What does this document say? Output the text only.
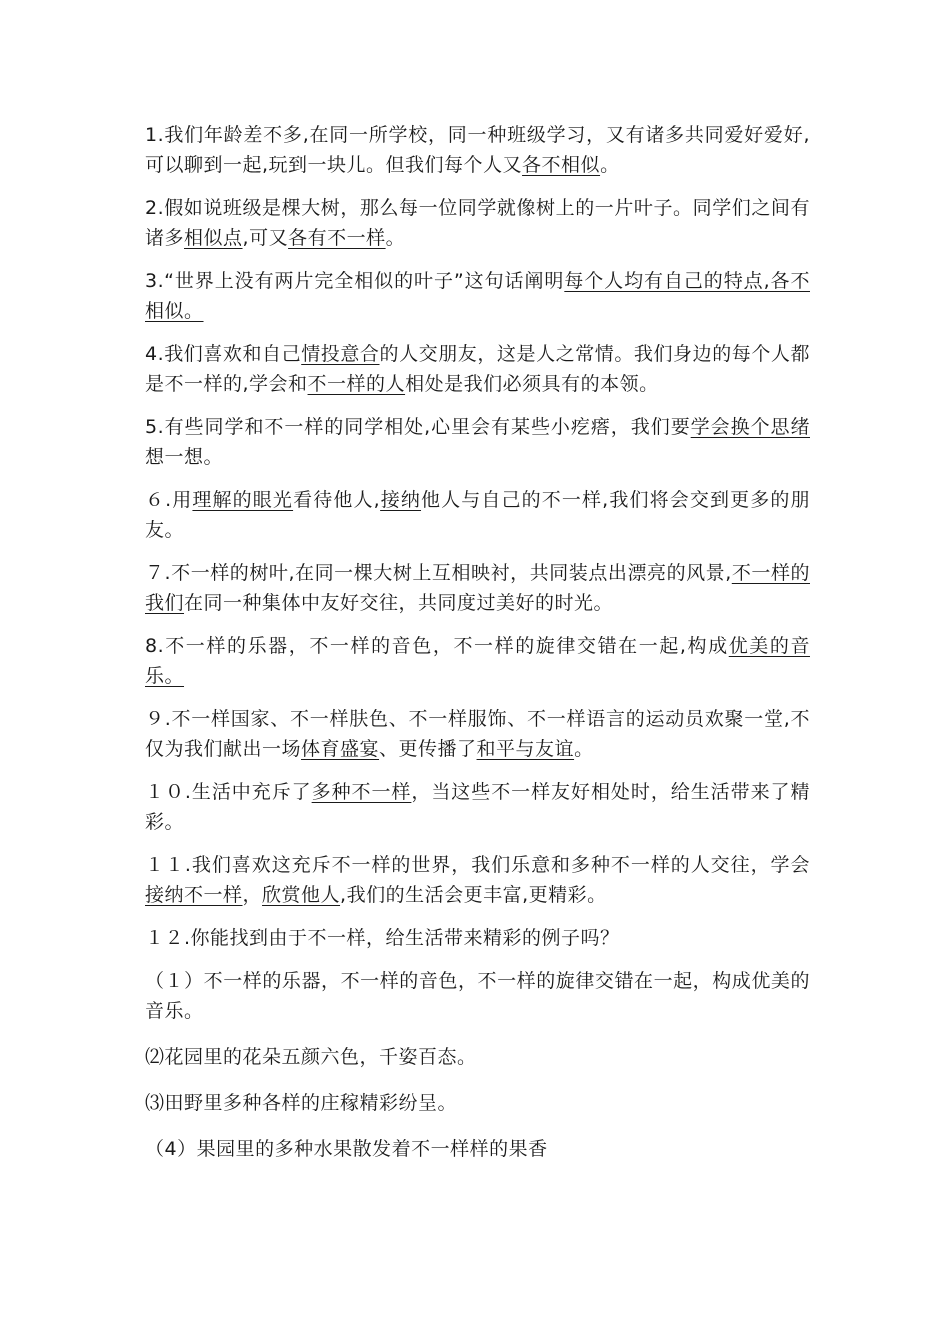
1.我们年龄差不多,在同一所学校，同一种班级学习，又有诸多共同爱好爱好,可以聊到一起,玩到一块儿。但我们每个人又各不相似。

2.假如说班级是棵大树，那么每一位同学就像树上的一片叶子。同学们之间有诸多相似点,可又各有不一样。

3.“世界上没有两片完全相似的叶子”这句话阐明每个人均有自己的特点,各不相似。

4.我们喜欢和自己情投意合的人交朋友，这是人之常情。我们身边的每个人都是不一样的,学会和不一样的人相处是我们必须具有的本领。

5.有些同学和不一样的同学相处,心里会有某些小疙瘩，我们要学会换个思绪想一想。

６.用理解的眼光看待他人,接纳他人与自己的不一样,我们将会交到更多的朋友。

７.不一样的树叶,在同一棵大树上互相映衬，共同装点出漂亮的风景,不一样的我们在同一种集体中友好交往，共同度过美好的时光。

8.不一样的乐器，不一样的音色，不一样的旋律交错在一起,构成优美的音乐。

９.不一样国家、不一样肤色、不一样服饰、不一样语言的运动员欢聚一堂,不仅为我们献出一场体育盛宴、更传播了和平与友谊。

１０.生活中充斥了多种不一样，当这些不一样友好相处时，给生活带来了精彩。

１１.我们喜欢这充斥不一样的世界，我们乐意和多种不一样的人交往，学会接纳不一样，欣赏他人,我们的生活会更丰富,更精彩。

１２.你能找到由于不一样，给生活带来精彩的例子吗？

（１）不一样的乐器，不一样的音色，不一样的旋律交错在一起，构成优美的音乐。

⑵花园里的花朵五颜六色，千姿百态。

⑶田野里多种各样的庄稼精彩纷呈。

（4）果园里的多种水果散发着不一样样的果香
